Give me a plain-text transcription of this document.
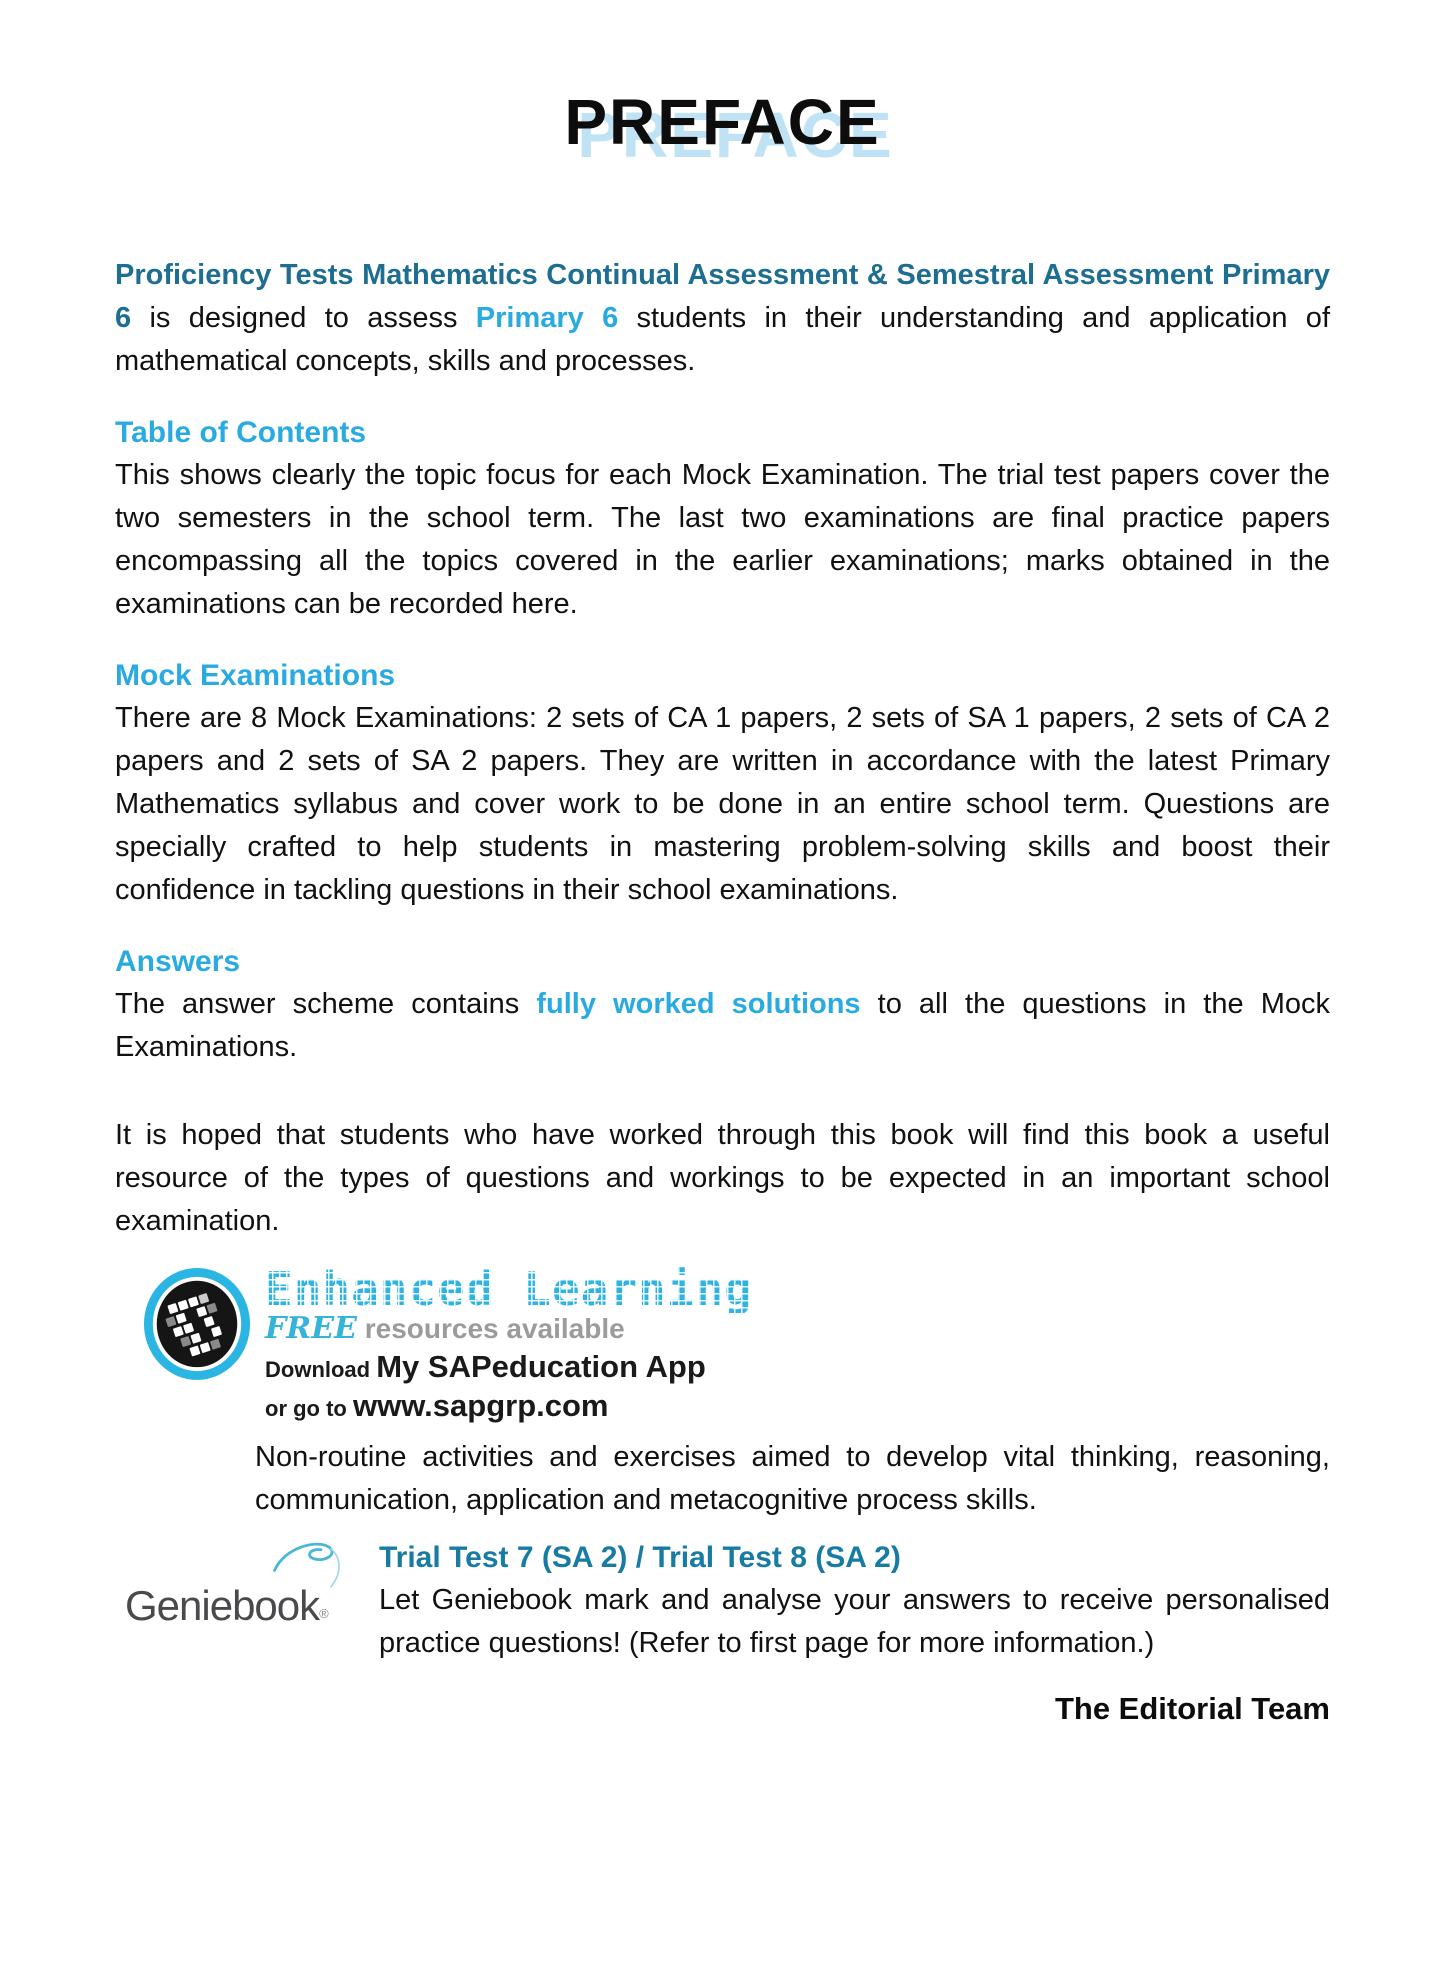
PREFACE

Proficiency Tests Mathematics Continual Assessment & Semestral Assessment Primary 6 is designed to assess Primary 6 students in their understanding and application of mathematical concepts, skills and processes.

Table of Contents

This shows clearly the topic focus for each Mock Examination. The trial test papers cover the two semesters in the school term. The last two examinations are final practice papers encompassing all the topics covered in the earlier examinations; marks obtained in the examinations can be recorded here.

Mock Examinations

There are 8 Mock Examinations: 2 sets of CA 1 papers, 2 sets of SA 1 papers, 2 sets of CA 2 papers and 2 sets of SA 2 papers. They are written in accordance with the latest Primary Mathematics syllabus and cover work to be done in an entire school term. Questions are specially crafted to help students in mastering problem-solving skills and boost their confidence in tackling questions in their school examinations.

Answers

The answer scheme contains fully worked solutions to all the questions in the Mock Examinations.

It is hoped that students who have worked through this book will find this book a useful resource of the types of questions and workings to be expected in an important school examination.

Enhanced Learning
FREE resources available
Download My SAPeducation App
or go to www.sapgrp.com

Non-routine activities and exercises aimed to develop vital thinking, reasoning, communication, application and metacognitive process skills.

Geniebook®
Trial Test 7 (SA 2) / Trial Test 8 (SA 2)

Let Geniebook mark and analyse your answers to receive personalised practice questions! (Refer to first page for more information.)

The Editorial Team
